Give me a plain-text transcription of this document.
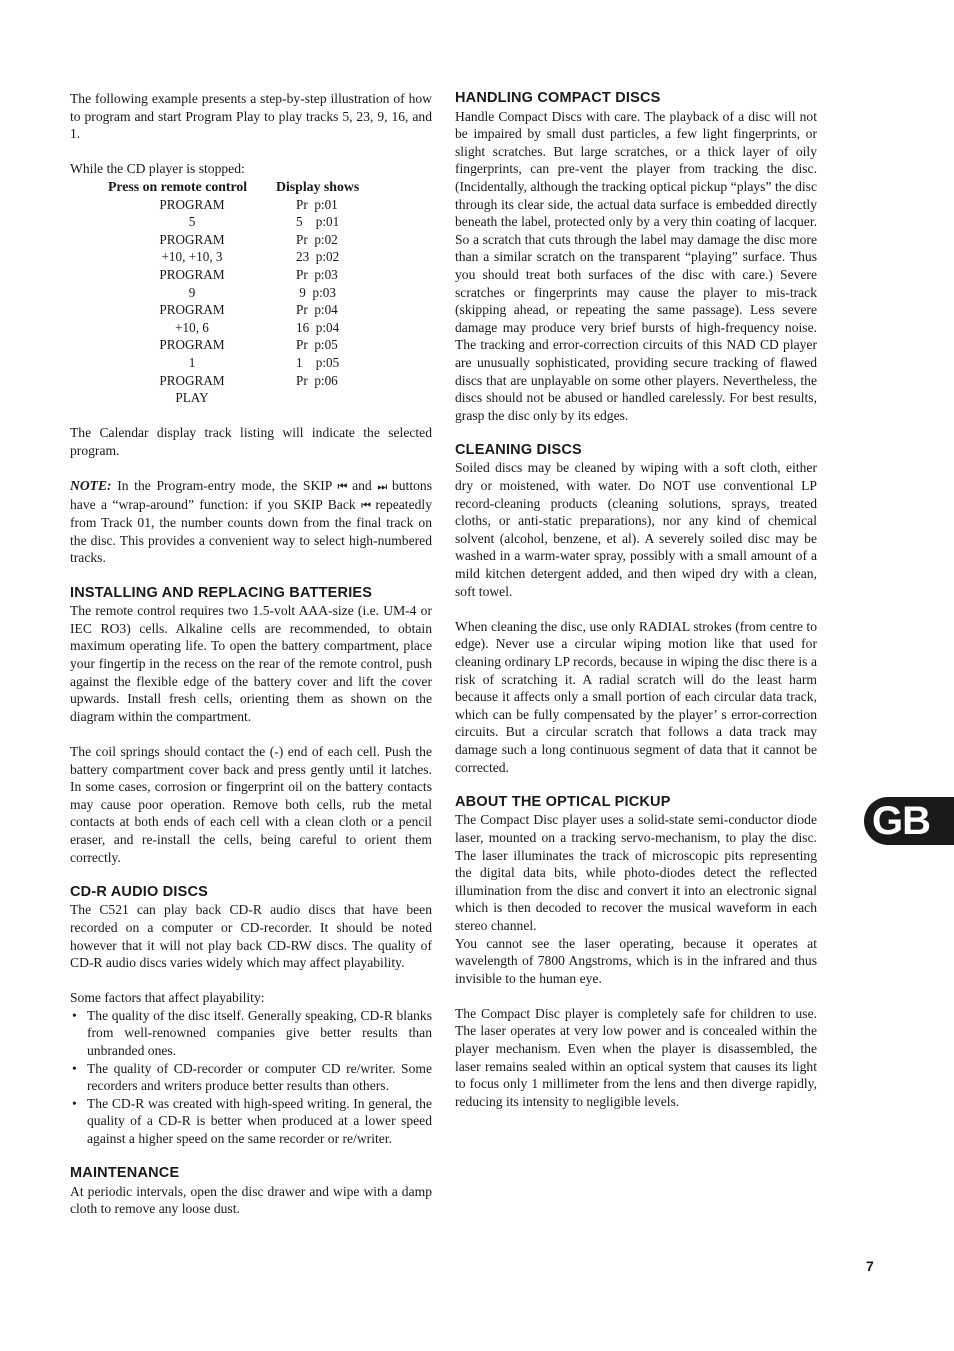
The following example presents a step-by-step illustration of how to program and start Program Play to play tracks 5, 23, 9, 16, and 1.

While the CD player is stopped:

Press on remote control	Display shows
PROGRAM	Pr  p:01
5	5    p:01
PROGRAM	Pr  p:02
+10, +10, 3	23  p:02
PROGRAM	Pr  p:03
9	9  p:03
PROGRAM	Pr  p:04
+10, 6	16  p:04
PROGRAM	Pr  p:05
1	1    p:05
PROGRAM	Pr  p:06
PLAY	

The Calendar display track listing will indicate the selected program.

NOTE: In the Program-entry mode, the SKIP ⏮ and ⏭ buttons have a “wrap-around” function: if you SKIP Back ⏮ repeatedly from Track 01, the number counts down from the final track on the disc. This provides a convenient way to select high-numbered tracks.

INSTALLING AND REPLACING BATTERIES

The remote control requires two 1.5-volt AAA-size (i.e. UM-4 or IEC RO3) cells. Alkaline cells are recommended, to obtain maximum operating life. To open the battery compartment, place your fingertip in the recess on the rear of the remote control, push against the flexible edge of the battery cover and lift the cover upwards. Install fresh cells, orienting them as shown on the diagram within the compartment.

The coil springs should contact the (-) end of each cell. Push the battery compartment cover back and press gently until it latches. In some cases, corrosion or fingerprint oil on the battery contacts may cause poor operation. Remove both cells, rub the metal contacts at both ends of each cell with a clean cloth or a pencil eraser, and re-install the cells, being careful to orient them correctly.

CD-R AUDIO DISCS

The C521 can play back CD-R audio discs that have been recorded on a computer or CD-recorder. It should be noted however that it will not play back CD-RW discs. The quality of CD-R audio discs varies widely which may affect playability.

Some factors that affect playability:

• The quality of the disc itself. Generally speaking, CD-R blanks from well-renowned companies give better results than unbranded ones.
• The quality of CD-recorder or computer CD re/writer. Some recorders and writers produce better results than others.
• The CD-R was created with high-speed writing. In general, the quality of a CD-R is better when produced at a lower speed against a higher speed on the same recorder or re/writer.
MAINTENANCE

At periodic intervals, open the disc drawer and wipe with a damp cloth to remove any loose dust.

HANDLING COMPACT DISCS

Handle Compact Discs with care. The playback of a disc will not be impaired by small dust particles, a few light fingerprints, or slight scratches. But large scratches, or a thick layer of oily fingerprints, can pre-vent the player from tracking the disc. (Incidentally, although the tracking optical pickup “plays” the disc through its clear side, the actual data surface is embedded directly beneath the label, protected only by a very thin coating of lacquer. So a scratch that cuts through the label may damage the disc more than a similar scratch on the transparent “playing” surface. Thus you should treat both surfaces of the disc with care.) Severe scratches or fingerprints may cause the player to mis-track (skipping ahead, or repeating the same passage). Less severe damage may produce very brief bursts of high-frequency noise. The tracking and error-correction circuits of this NAD CD player are unusually sophisticated, providing secure tracking of flawed discs that are unplayable on some other players. Nevertheless, the discs should not be abused or handled carelessly. For best results, grasp the disc only by its edges.

CLEANING DISCS

Soiled discs may be cleaned by wiping with a soft cloth, either dry or moistened, with water. Do NOT use conventional LP record-cleaning products (cleaning solutions, sprays, treated cloths, or anti-static preparations), nor any kind of chemical solvent (alcohol, benzene, et al). A severely soiled disc may be washed in a warm-water spray, possibly with a small amount of a mild kitchen detergent added, and then wiped dry with a clean, soft towel.

When cleaning the disc, use only RADIAL strokes (from centre to edge). Never use a circular wiping motion like that used for cleaning ordinary LP records, because in wiping the disc there is a risk of scratching it. A radial scratch will do the least harm because it affects only a small portion of each circular data track, which can be fully compensated by the player’ s error-correction circuits. But a circular scratch that follows a data track may damage such a long continuous segment of data that it cannot be corrected.

ABOUT THE OPTICAL PICKUP

The Compact Disc player uses a solid-state semi-conductor diode laser, mounted on a tracking servo-mechanism, to play the disc. The laser illuminates the track of microscopic pits representing the digital data bits, while photo-diodes detect the reflected illumination from the disc and convert it into an electronic signal which is then decoded to recover the musical waveform in each stereo channel.

You cannot see the laser operating, because it operates at wavelength of 7800 Angstroms, which is in the infrared and thus invisible to the human eye.

The Compact Disc player is completely safe for children to use. The laser operates at very low power and is concealed within the player mechanism. Even when the player is disassembled, the laser remains sealed within an optical system that causes its light to focus only 1 millimeter from the lens and then diverge rapidly, reducing its intensity to negligible levels.

GB
7
